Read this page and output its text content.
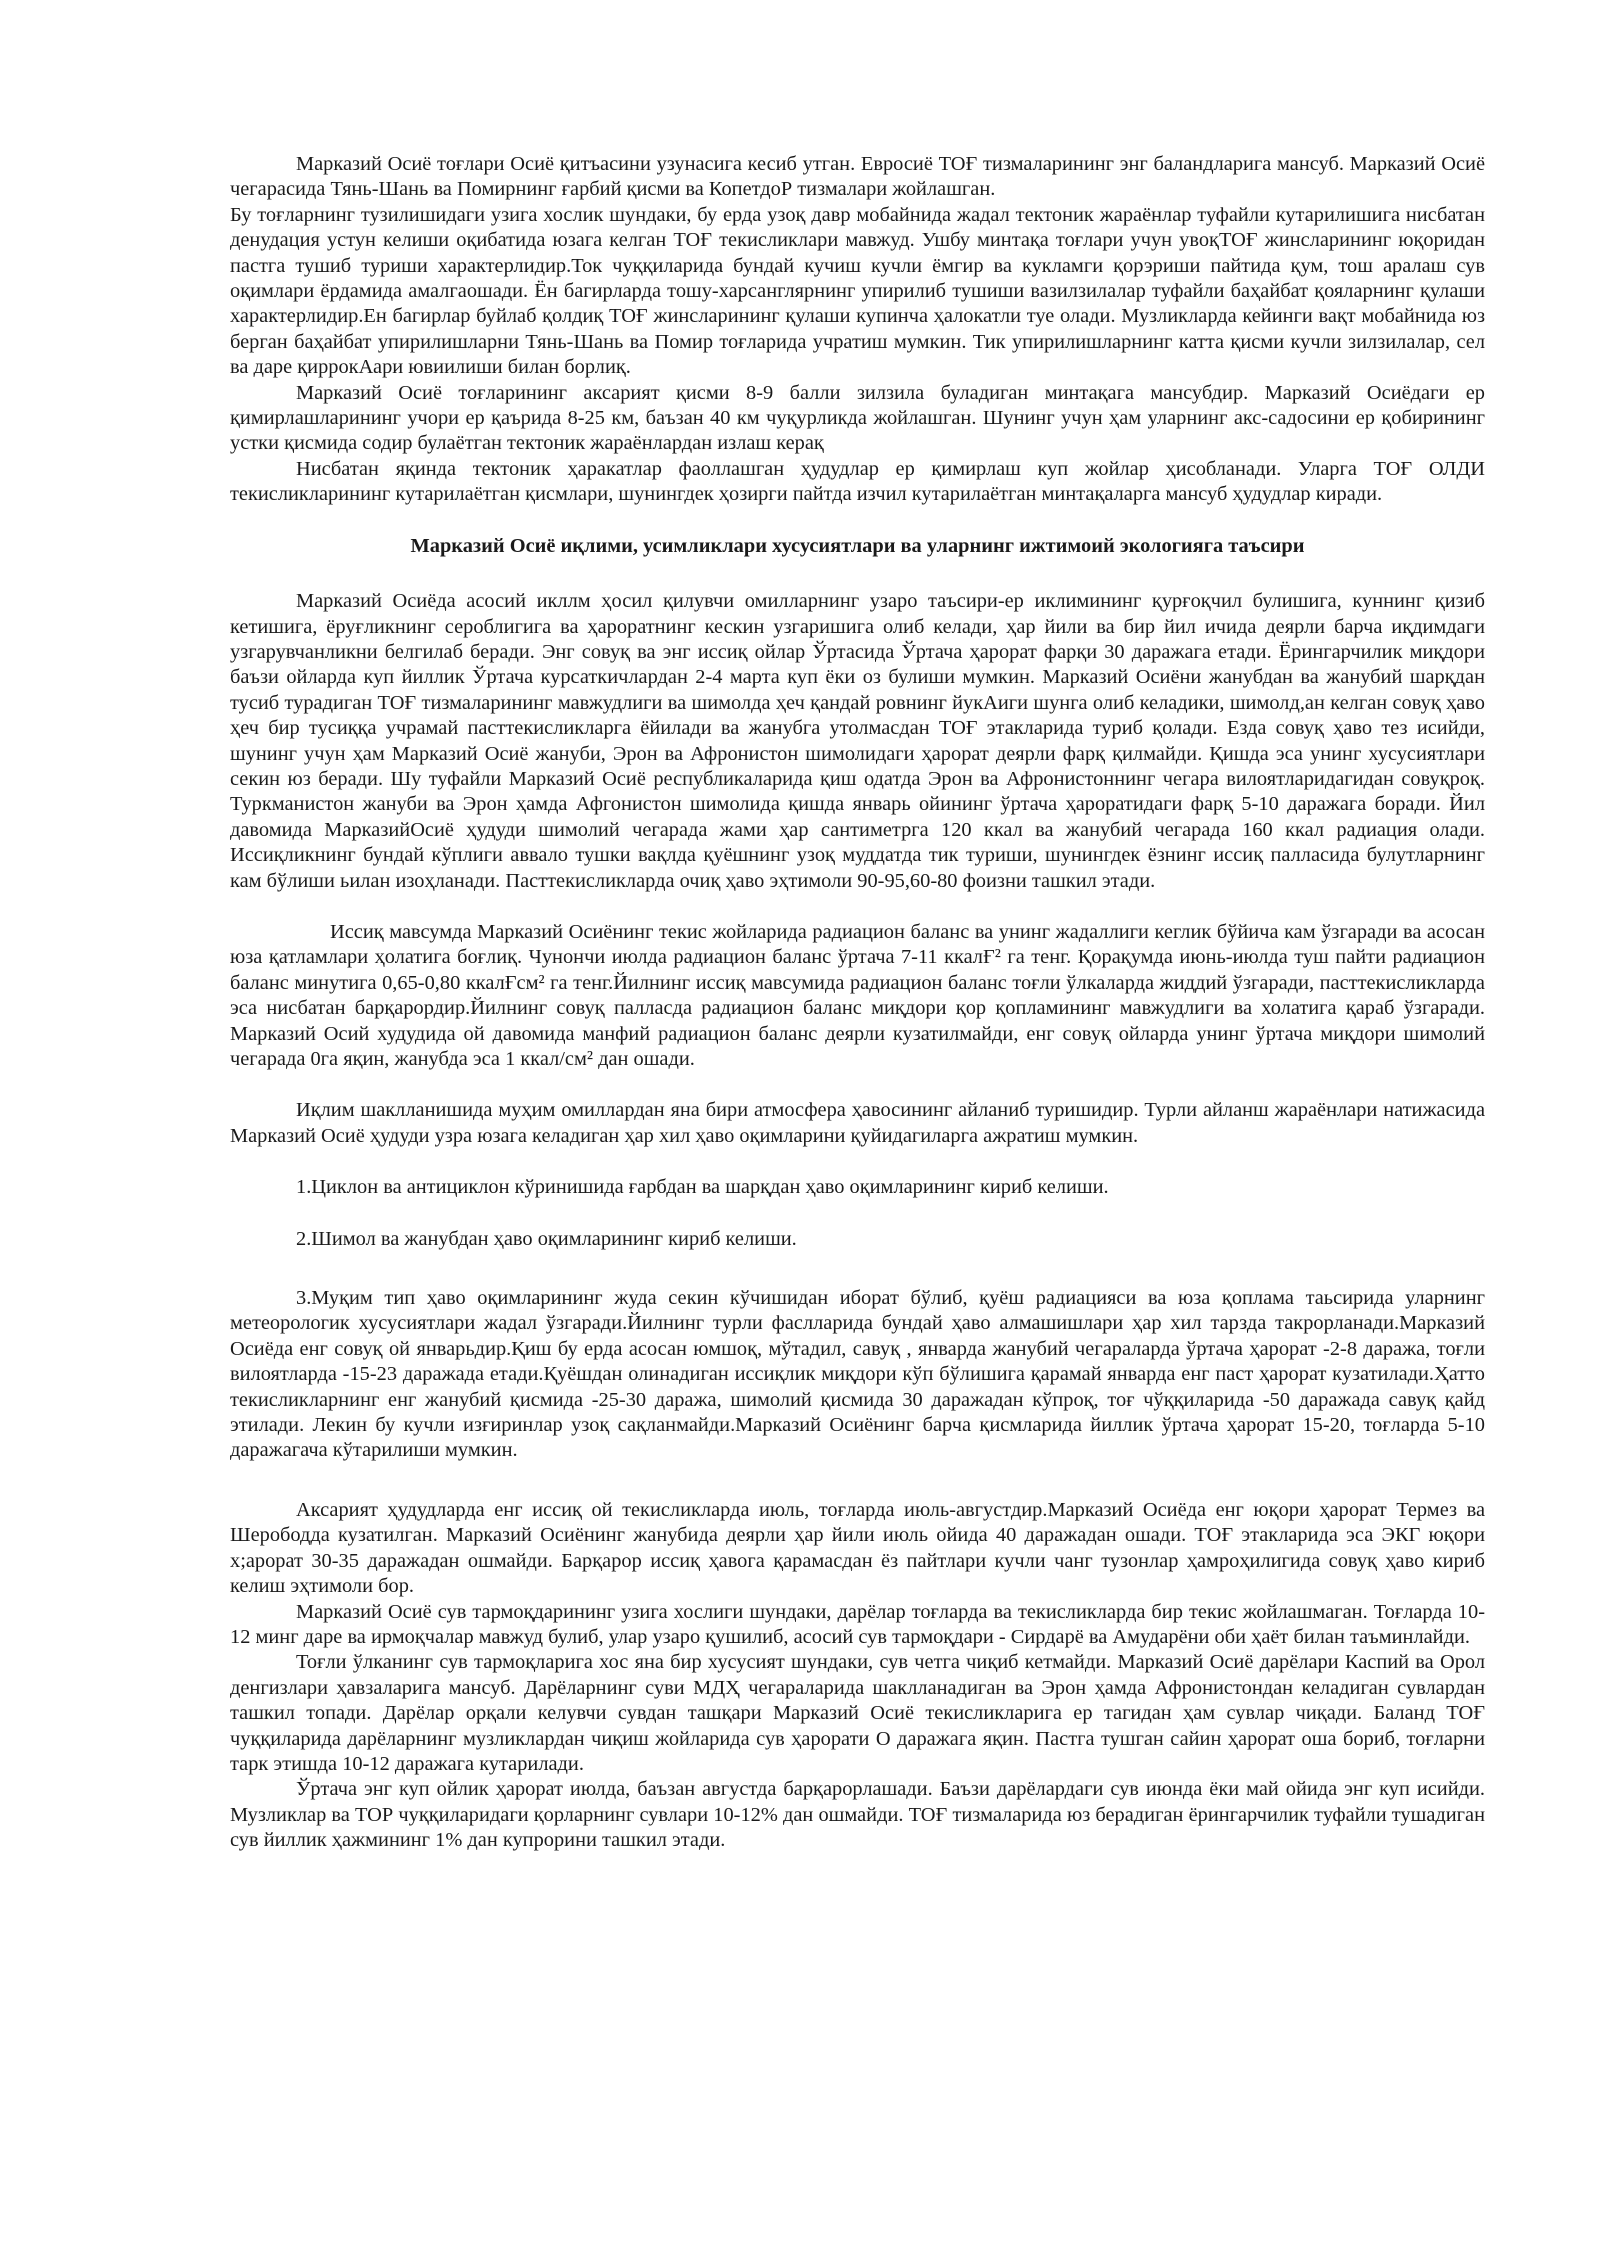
Марказий Осиё тоғлари Осиё қитъасини узунасига кесиб утган. Евросиё ТОҒ тизмаларининг энг баландларига мансуб. Марказий Осиё чегарасида Тянь-Шань ва Помирнинг ғарбий қисми ва КопетдоР тизмалари жойлашган.

Бу тоғларнинг тузилишидаги узига хослик шундаки, бу ерда узоқ давр мобайнида жадал тектоник жараёнлар туфайли кутарилишига нисбатан денудация устун келиши оқибатида юзага келган ТОҒ текисликлари мавжуд. Ушбу минтақа тоғлари учун увоқТОҒ жинсларининг юқоридан пастга тушиб туриши характерлидир.Ток чуққиларида бундай кучиш кучли ёмгир ва кукламги қорэриши пайтида қум, тош аралаш сув оқимлари ёрдамида амалгаошади. Ён багирларда тошу-харсанглярнинг упирилиб тушиши вазилзилалар туфайли баҳайбат қояларнинг қулаши характерлидир.Ен багирлар буйлаб қолдиқ ТОҒ жинсларининг қулаши купинча ҳалокатли туе олади. Музликларда кейинги вақт мобайнида юз берган баҳайбат упирилишларни Тянь-Шань ва Помир тоғларида учратиш мумкин. Тик упирилишларнинг катта қисми кучли зилзилалар, сел ва даре қиррокАари ювиилиши билан борлиқ.

Марказий Осиё тоғларининг аксарият қисми 8-9 балли зилзила буладиган минтақага мансубдир. Марказий Осиёдаги ер қимирлашларининг учори ер қаърида 8-25 км, баъзан 40 км чуқурликда жойлашган. Шунинг учун ҳам уларнинг акс-садосини ер қобирининг устки қисмида содир булаётган тектоник жараёнлардан излаш керақ

Нисбатан яқинда тектоник ҳаракатлар фаоллашган ҳудудлар ер қимирлаш куп жойлар ҳисобланади. Уларга ТОҒ ОЛДИ текисликларининг кутарилаётган қисмлари, шунингдек ҳозирги пайтда изчил кутарилаётган минтақаларга мансуб ҳудудлар киради.

Марказий Осиё иқлими, усимликлари хусусиятлари ва уларнинг ижтимоий экологияга таъсири

Марказий Осиёда асосий икллм ҳосил қилувчи омилларнинг узаро таъсири-ер иклимининг қурғоқчил булишига, куннинг қизиб кетишига, ёруғликнинг сероблигига ва ҳароратнинг кескин узгаришига олиб келади, ҳар йили ва бир йил ичида деярли барча иқдимдаги узгарувчанликни белгилаб беради. Энг совуқ ва энг иссиқ ойлар Ўртасида Ўртача ҳарорат фарқи 30 даражага етади. Ёрингарчилик миқдори баъзи ойларда куп йиллик Ўртача курсаткичлардан 2-4 марта куп ёки оз булиши мумкин. Марказий Осиёни жанубдан ва жанубий шарқдан тусиб турадиган ТОҒ тизмаларининг мавжудлиги ва шимолда ҳеч қандай ровнинг йукАиги шунга олиб келадики, шимолд,ан келган совуқ ҳаво ҳеч бир тусиққа учрамай пасттекисликларга ёйилади ва жанубга утолмасдан ТОҒ этакларида туриб қолади. Езда совуқ ҳаво тез исийди, шунинг учун ҳам Марказий Осиё жануби, Эрон ва Афронистон шимолидаги ҳарорат деярли фарқ қилмайди. Қишда эса унинг хусусиятлари секин юз беради. Шу туфайли Марказий Осиё республикаларида қиш одатда Эрон ва Афронистоннинг чегара вилоятларидагидан совуқроқ. Туркманистон жануби ва Эрон ҳамда Афгонистон шимолида қишда январь ойининг ўртача ҳароратидаги фарқ 5-10 даражага боради. Йил давомида МарказийОсиё ҳудуди шимолий чегарада жами ҳар сантиметрга 120 ккал ва жанубий чегарада 160 ккал радиация олади. Иссиқликнинг бундай кўплиги аввало тушки вақлда қуёшнинг узоқ муддатда тик туриши, шунингдек ёзнинг иссиқ палласида булутларнинг кам бўлиши ьилан изоҳланади. Пасттекисликларда очиқ ҳаво эҳтимоли 90-95,60-80 фоизни ташкил этади.

Иссиқ мавсумда Марказий Осиёнинг текис жойларида радиацион баланс ва унинг жадаллиги кеглик бўйича кам ўзгаради ва асосан юза қатламлари ҳолатига боғлиқ. Чунончи июлда радиацион баланс ўртача 7-11 ккалҒ² га тенг. Қорақумда июнь-июлда туш пайти радиацион баланс минутига 0,65-0,80 ккалҒсм² га тенг.Йилнинг иссиқ мавсумида радиацион баланс тоғли ўлкаларда жиддий ўзгаради, пасттекисликларда эса нисбатан барқарордир.Йилнинг совуқ палласда радиацион баланс миқдори қор қопламининг мавжудлиги ва холатига қараб ўзгаради. Марказий Осий худудида ой давомида манфий радиацион баланс деярли кузатилмайди, енг совуқ ойларда унинг ўртача миқдори шимолий чегарада 0га яқин, жанубда эса 1 ккал/см² дан ошади.

Иқлим шаклланишида муҳим омиллардан яна бири атмосфера ҳавосининг айланиб туришидир. Турли айланш жараёнлари натижасида Марказий Осиё ҳудуди узра юзага келадиган ҳар хил ҳаво оқимларини қуйидагиларга ажратиш мумкин.

1.Циклон ва антициклон кўринишида ғарбдан ва шарқдан ҳаво оқимларининг кириб келиши.

2.Шимол ва жанубдан ҳаво оқимларининг кириб келиши.

3.Муқим тип ҳаво оқимларининг жуда секин кўчишидан иборат бўлиб, қуёш радиацияси ва юза қоплама таьсирида уларнинг метеорологик хусусиятлари жадал ўзгаради.Йилнинг турли фаслларида бундай ҳаво алмашишлари ҳар хил тарзда такрорланади.Марказий Осиёда енг совуқ ой январьдир.Қиш бу ерда асосан юмшоқ, мўтадил, савуқ , январда жанубий чегараларда ўртача ҳарорат -2-8 даража, тоғли вилоятларда -15-23 даражада етади.Қуёшдан олинадиган иссиқлик миқдори кўп бўлишига қарамай январда енг паст ҳарорат кузатилади.Ҳатто текисликларнинг енг жанубий қисмида -25-30 даража, шимолий қисмида 30 даражадан кўпроқ, тоғ чўққиларида -50 даражада савуқ қайд этилади. Лекин бу кучли изғиринлар узоқ сақланмайди.Марказий Осиёнинг барча қисмларида йиллик ўртача ҳарорат 15-20, тоғларда 5-10 даражагача кўтарилиши мумкин.

Аксарият ҳудудларда енг иссиқ ой текисликларда июль, тоғларда июль-августдир.Марказий Осиёда енг юқори ҳарорат Термез ва Шерободда кузатилган. Марказий Осиёнинг жанубида деярли ҳар йили июль ойида 40 даражадан ошади. ТОҒ этакларида эса ЭКГ юқори х;арорат 30-35 даражадан ошмайди. Барқарор иссиқ ҳавога қарамасдан ёз пайтлари кучли чанг тузонлар ҳамроҳилигида совуқ ҳаво кириб келиш эҳтимоли бор.

Марказий Осиё сув тармоқдарининг узига хослиги шундаки, дарёлар тоғларда ва текисликларда бир текис жойлашмаган. Тоғларда 10-12 минг даре ва ирмоқчалар мавжуд булиб, улар узаро қушилиб, асосий сув тармоқдари - Сирдарё ва Амударёни оби ҳаёт билан таъминлайди.

Тоғли ўлканинг сув тармоқларига хос яна бир хусусият шундаки, сув четга чиқиб кетмайди. Марказий Осиё дарёлари Каспий ва Орол денгизлари ҳавзаларига мансуб. Дарёларнинг суви МДҲ чегараларида шаклланадиган ва Эрон ҳамда Афронистондан келадиган сувлардан ташкил топади. Дарёлар орқали келувчи сувдан ташқари Марказий Осиё текисликларига ер тагидан ҳам сувлар чиқади. Баланд ТОҒ чуққиларида дарёларнинг музликлардан чиқиш жойларида сув ҳарорати О даражага яқин. Пастга тушган сайин ҳарорат оша бориб, тоғларни тарк этишда 10-12 даражага кутарилади.

Ўртача энг куп ойлик ҳарорат июлда, баъзан августда барқарорлашади. Баъзи дарёлардаги сув июнда ёки май ойида энг куп исийди. Музликлар ва ТОР чуққиларидаги қорларнинг сувлари 10-12% дан ошмайди. ТОҒ тизмаларида юз берадиган ёрингарчилик туфайли тушадиган сув йиллик ҳажмининг 1% дан купрорини ташкил этади.
